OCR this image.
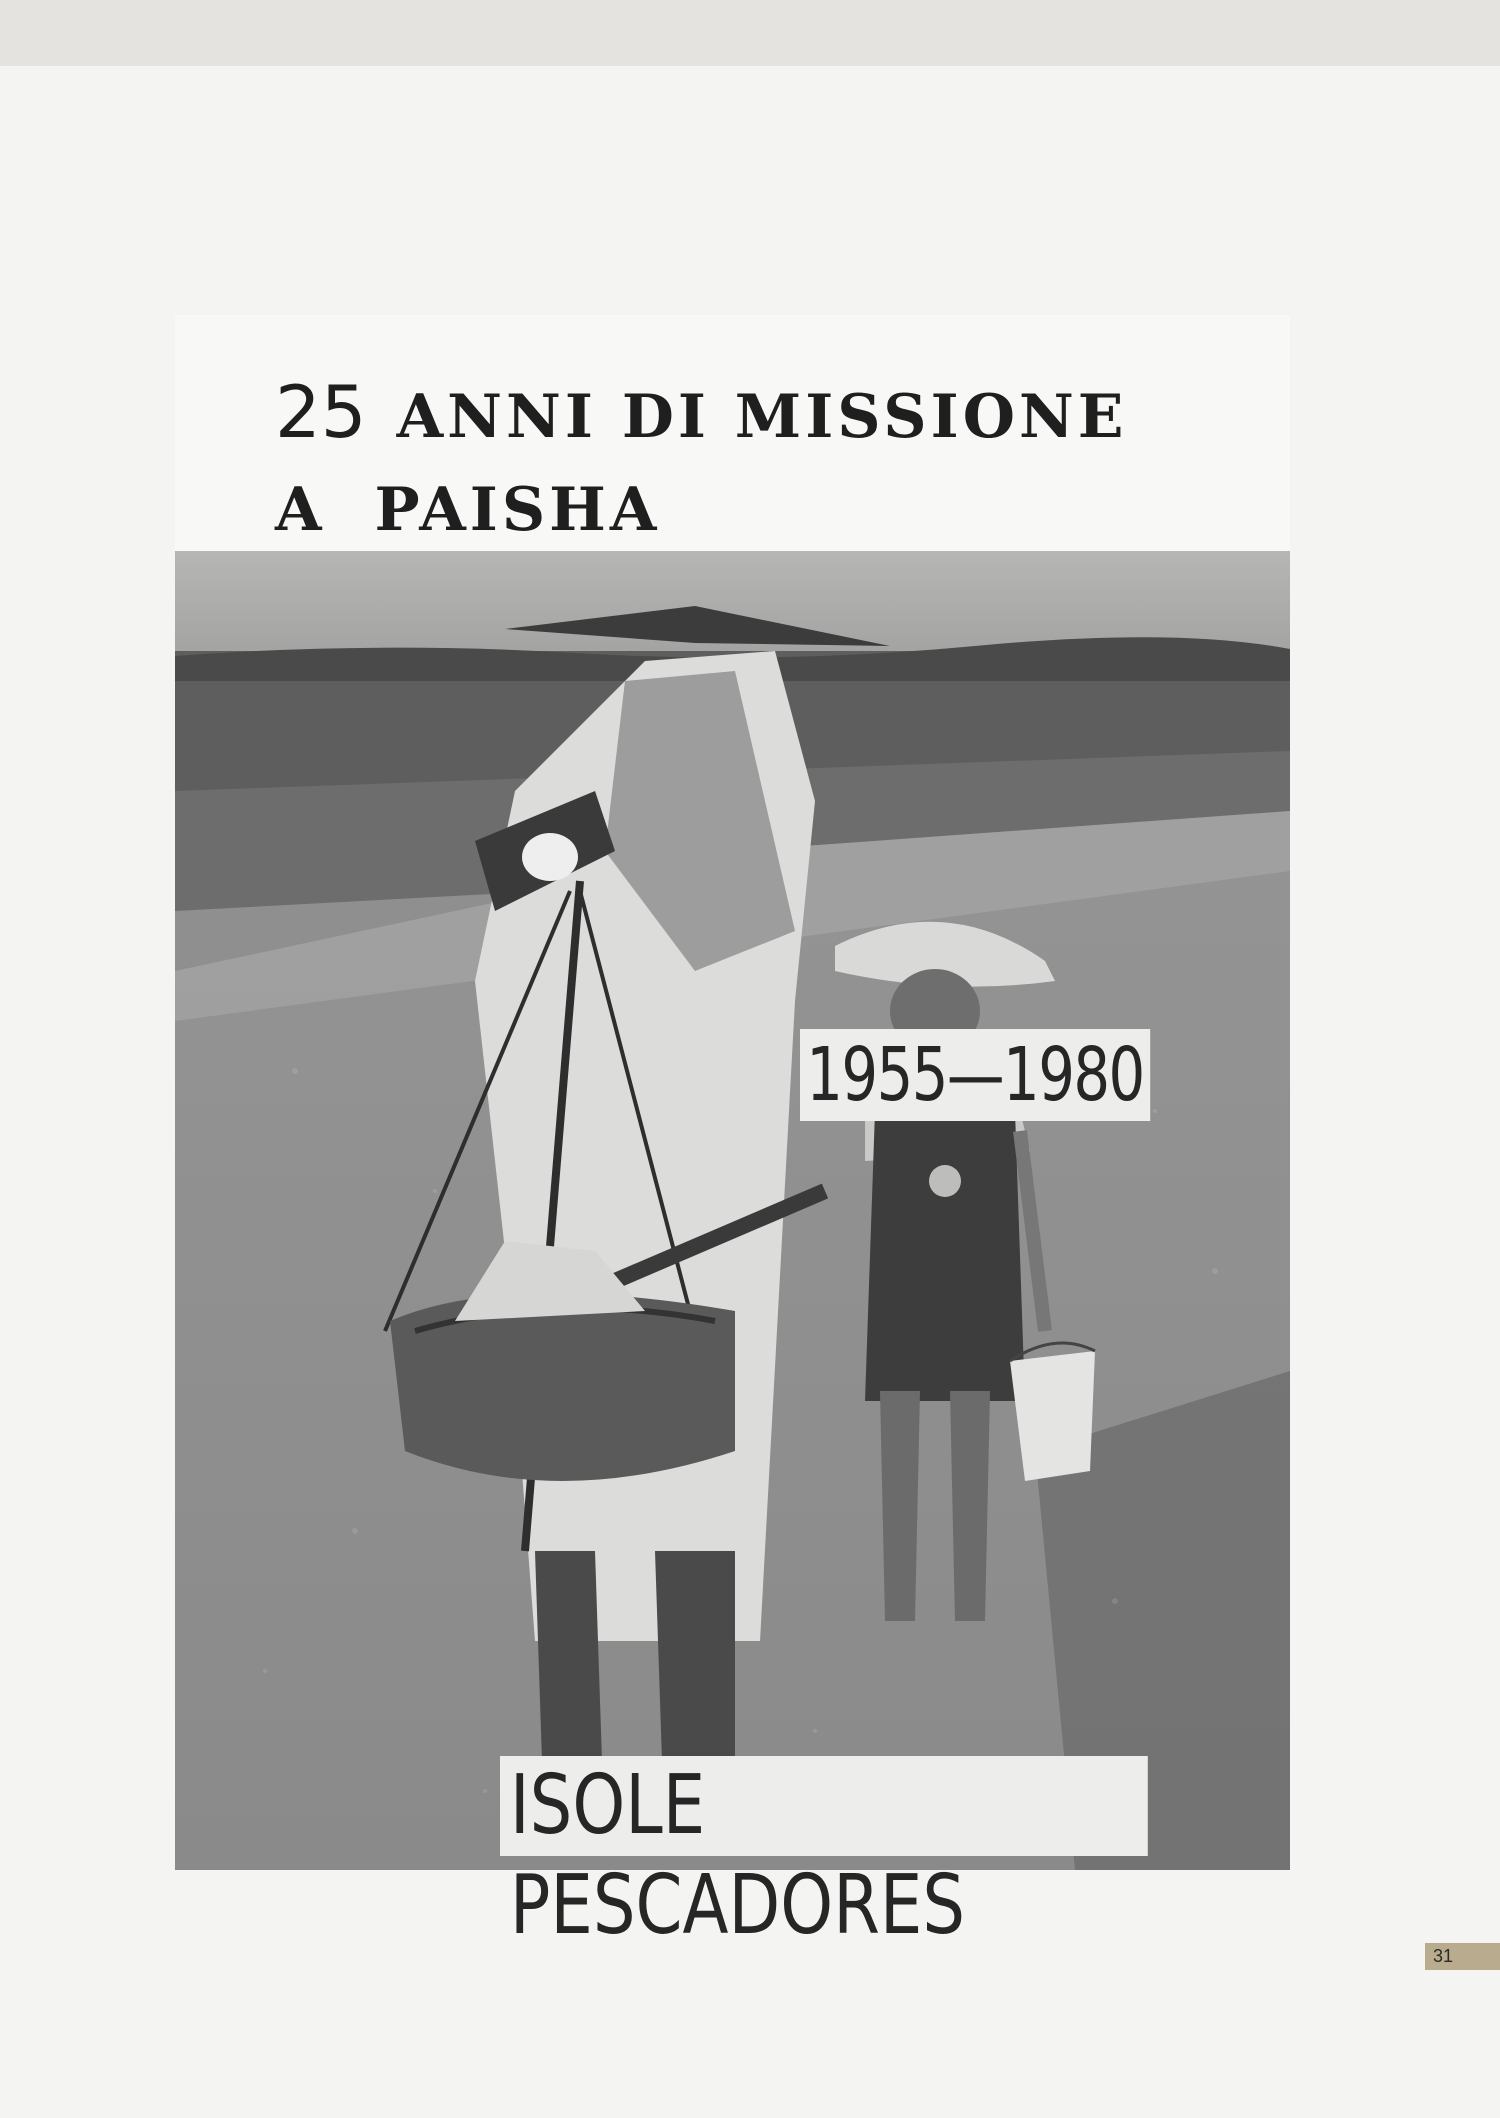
25 ANNI DI MISSIONE
A PAISHA
1955—1980
ISOLE PESCADORES
31
